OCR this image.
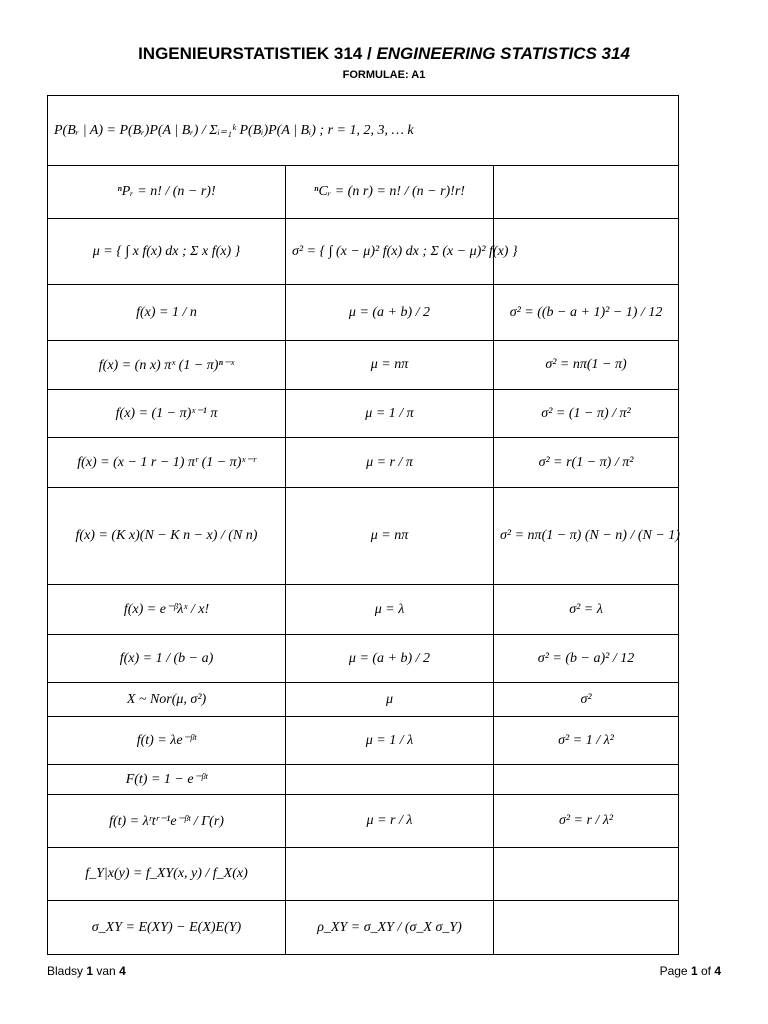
INGENIEURSTATISTIEK 314 / ENGINEERING STATISTICS 314
FORMULAE: A1
P(Bᵣ | A) = P(Bᵣ)P(A | Bᵣ) / Σᵢ₌₁ᵏ P(Bᵢ)P(A | Bᵢ) ; r = 1, 2, 3, … k		
ⁿPᵣ = n! / (n − r)!	ⁿCᵣ = (n r) = n! / (n − r)!r!	
μ = { ∫ x f(x) dx ; Σ x f(x) }	σ² = { ∫ (x − μ)² f(x) dx ; Σ (x − μ)² f(x) }	
f(x) = 1 / n	μ = (a + b) / 2	σ² = ((b − a + 1)² − 1) / 12
f(x) = (n x) πˣ (1 − π)ⁿ⁻ˣ	μ = nπ	σ² = nπ(1 − π)
f(x) = (1 − π)ˣ⁻¹ π	μ = 1 / π	σ² = (1 − π) / π²
f(x) = (x − 1 r − 1) πʳ (1 − π)ˣ⁻ʳ	μ = r / π	σ² = r(1 − π) / π²
f(x) = (K x)(N − K n − x) / (N n)	μ = nπ	σ² = nπ(1 − π) (N − n) / (N − 1)
f(x) = e⁻ᵝλˣ / x!	μ = λ	σ² = λ
f(x) = 1 / (b − a)	μ = (a + b) / 2	σ² = (b − a)² / 12
X ~ Nor(μ, σ²)	μ	σ²
f(t) = λe⁻ᵝᵗ	μ = 1 / λ	σ² = 1 / λ²
F(t) = 1 − e⁻ᵝᵗ		
f(t) = λʳtʳ⁻¹e⁻ᵝᵗ / Γ(r)	μ = r / λ	σ² = r / λ²
f_Y|x(y) = f_XY(x, y) / f_X(x)		
σ_XY = E(XY) − E(X)E(Y)	ρ_XY = σ_XY / (σ_X σ_Y)	
Bladsy 1 van 4	Page 1 of 4
